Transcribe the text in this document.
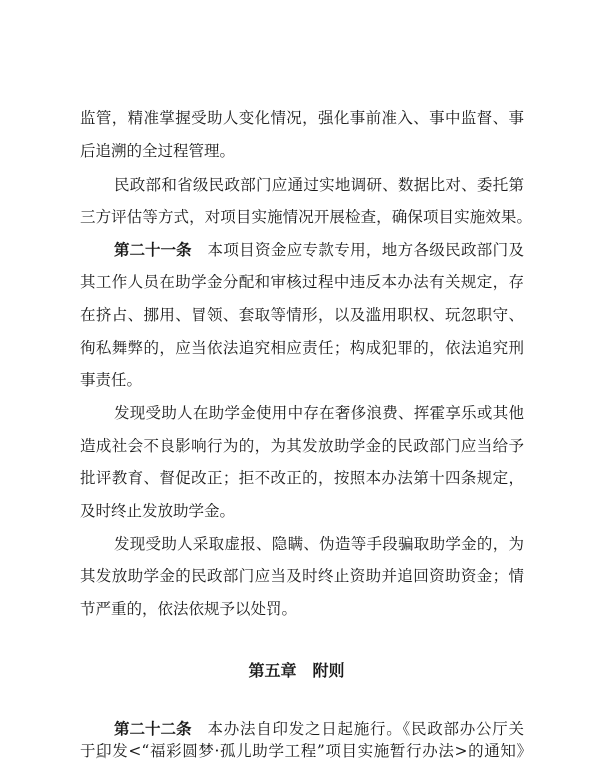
监管，精准掌握受助人变化情况，强化事前准入、事中监督、事
后追溯的全过程管理。
民政部和省级民政部门应通过实地调研、数据比对、委托第
三方评估等方式，对项目实施情况开展检查，确保项目实施效果。
第二十一条 本项目资金应专款专用，地方各级民政部门及
其工作人员在助学金分配和审核过程中违反本办法有关规定，存
在挤占、挪用、冒领、套取等情形，以及滥用职权、玩忽职守、
徇私舞弊的，应当依法追究相应责任；构成犯罪的，依法追究刑
事责任。
发现受助人在助学金使用中存在奢侈浪费、挥霍享乐或其他
造成社会不良影响行为的，为其发放助学金的民政部门应当给予
批评教育、督促改正；拒不改正的，按照本办法第十四条规定，
及时终止发放助学金。
发现受助人采取虚报、隐瞒、伪造等手段骗取助学金的，为
其发放助学金的民政部门应当及时终止资助并追回资助资金；情
节严重的，依法依规予以处罚。
第五章　附则
第二十二条 本办法自印发之日起施行。《民政部办公厅关
于印发<“福彩圆梦·孤儿助学工程”项目实施暂行办法>的通知》
